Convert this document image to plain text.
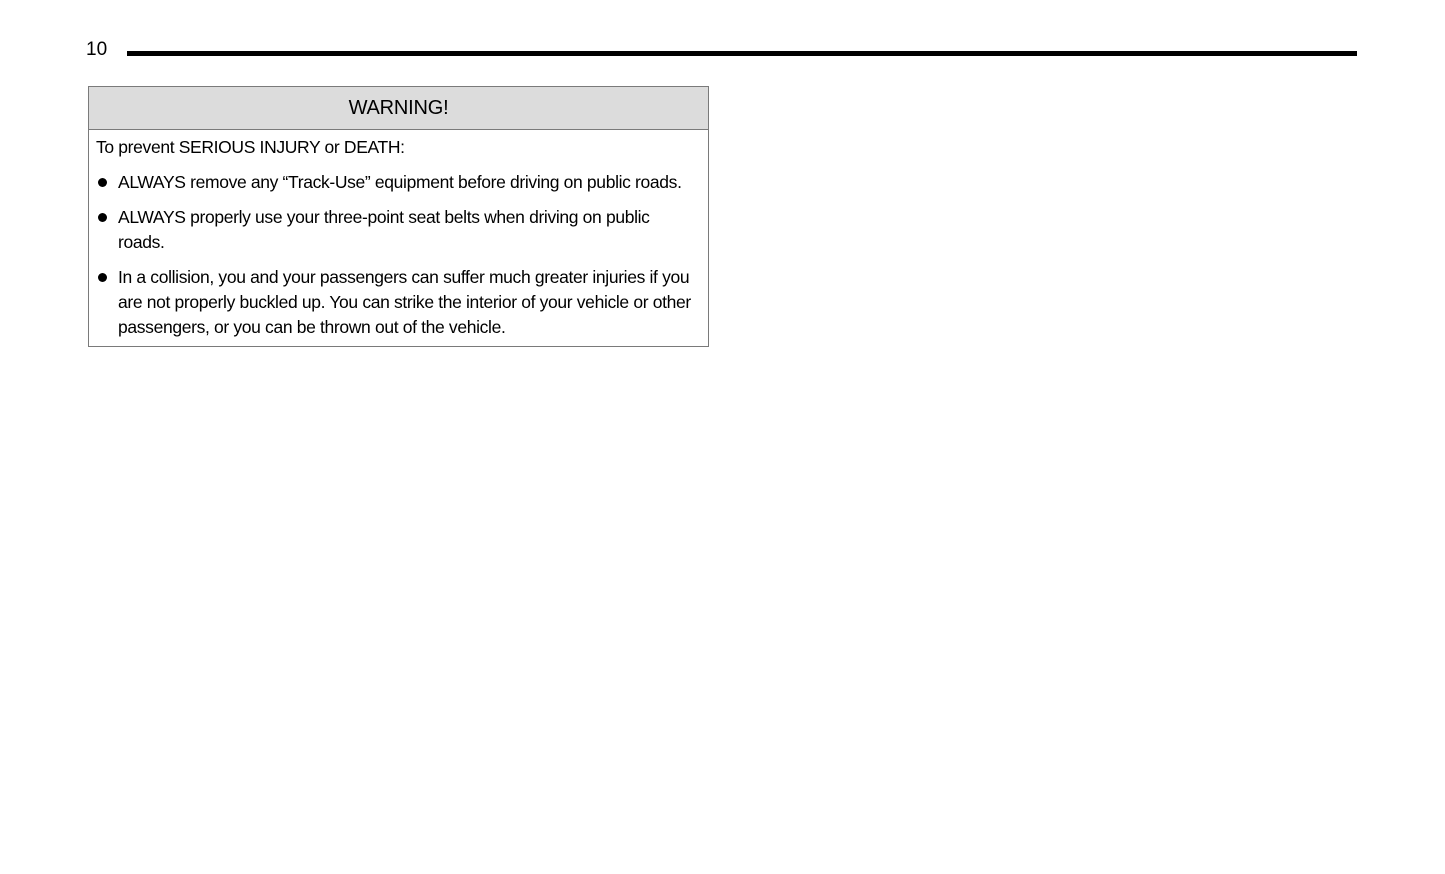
10
WARNING!

To prevent SERIOUS INJURY or DEATH:

ALWAYS remove any “Track-Use” equipment before driving on public roads.
ALWAYS properly use your three-point seat belts when driving on public roads.
In a collision, you and your passengers can suffer much greater injuries if you are not properly buckled up. You can strike the interior of your vehicle or other passengers, or you can be thrown out of the vehicle.
